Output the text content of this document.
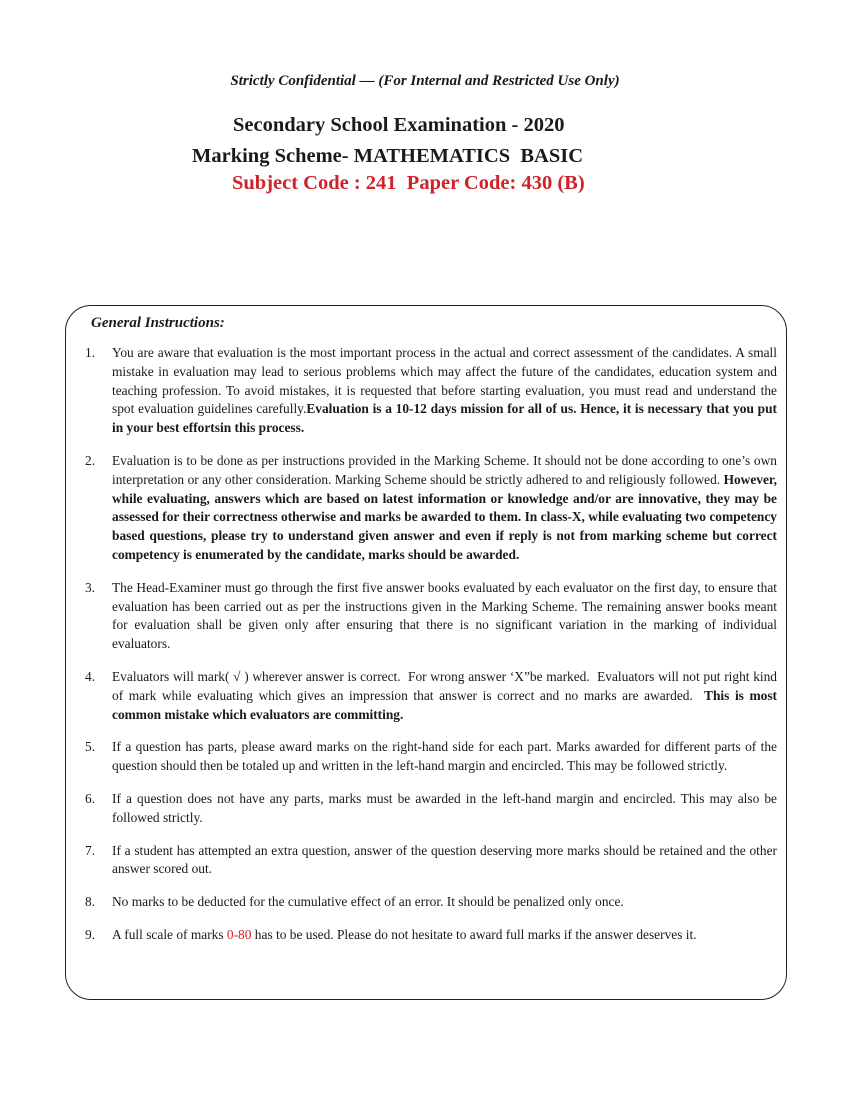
Strictly Confidential — (For Internal and Restricted Use Only)
Secondary School Examination - 2020
Marking Scheme- MATHEMATICS  BASIC
Subject Code : 241  Paper Code: 430 (B)
General Instructions:
1.	You are aware that evaluation is the most important process in the actual and correct assessment of the candidates. A small mistake in evaluation may lead to serious problems which may affect the future of the candidates, education system and teaching profession. To avoid mistakes, it is requested that before starting evaluation, you must read and understand the spot evaluation guidelines carefully.Evaluation is a 10-12 days mission for all of us. Hence, it is necessary that you put in your best effortsin this process.
2.	Evaluation is to be done as per instructions provided in the Marking Scheme. It should not be done according to one’s own interpretation or any other consideration. Marking Scheme should be strictly adhered to and religiously followed. However, while evaluating, answers which are based on latest information or knowledge and/or are innovative, they may be assessed for their correctness otherwise and marks be awarded to them. In class-X, while evaluating two competency based questions, please try to understand given answer and even if reply is not from marking scheme but correct competency is enumerated by the candidate, marks should be awarded.
3.	The Head-Examiner must go through the first five answer books evaluated by each evaluator on the first day, to ensure that evaluation has been carried out as per the instructions given in the Marking Scheme. The remaining answer books meant for evaluation shall be given only after ensuring that there is no significant variation in the marking of individual evaluators.
4.	Evaluators will mark( √ ) wherever answer is correct.  For wrong answer ‘X”be marked.  Evaluators will not put right kind of mark while evaluating which gives an impression that answer is correct and no marks are awarded.  This is most common mistake which evaluators are committing.
5.	If a question has parts, please award marks on the right-hand side for each part. Marks awarded for different parts of the question should then be totaled up and written in the left-hand margin and encircled. This may be followed strictly.
6.	If a question does not have any parts, marks must be awarded in the left-hand margin and encircled. This may also be followed strictly.
7.	If a student has attempted an extra question, answer of the question deserving more marks should be retained and the other answer scored out.
8.	No marks to be deducted for the cumulative effect of an error. It should be penalized only once.
9.	A full scale of marks 0-80 has to be used. Please do not hesitate to award full marks if the answer deserves it.
